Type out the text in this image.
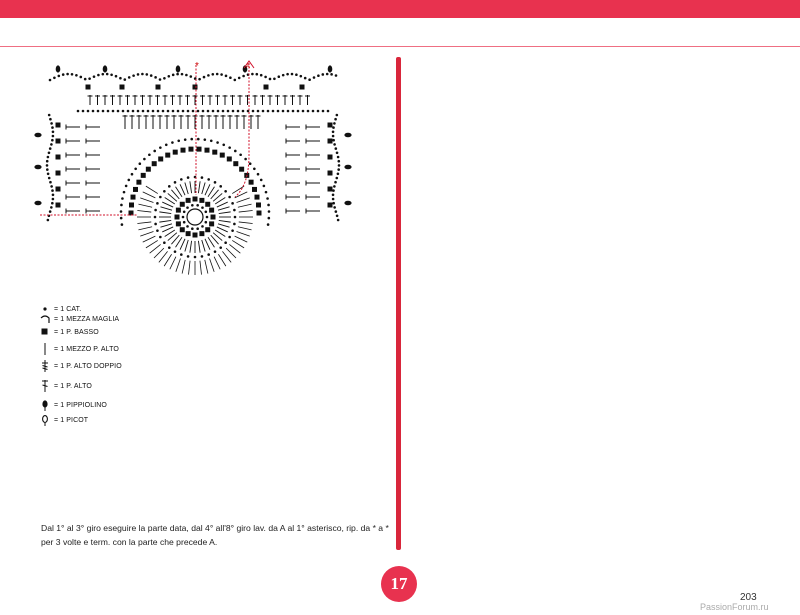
A
*
= 1 CAT.
= 1 MEZZA MAGLIA
= 1 P. BASSO
= 1 MEZZO P. ALTO
= 1 P. ALTO DOPPIO
= 1 P. ALTO
= 1 PIPPIOLINO
= 1 PICOT
Dal 1° al 3° giro eseguire la parte data, dal 4° all'8° giro lav. da A al 1° asterisco, rip. da * a * per 3 volte e term. con la parte che precede A.
17
203
PassionForum.ru
